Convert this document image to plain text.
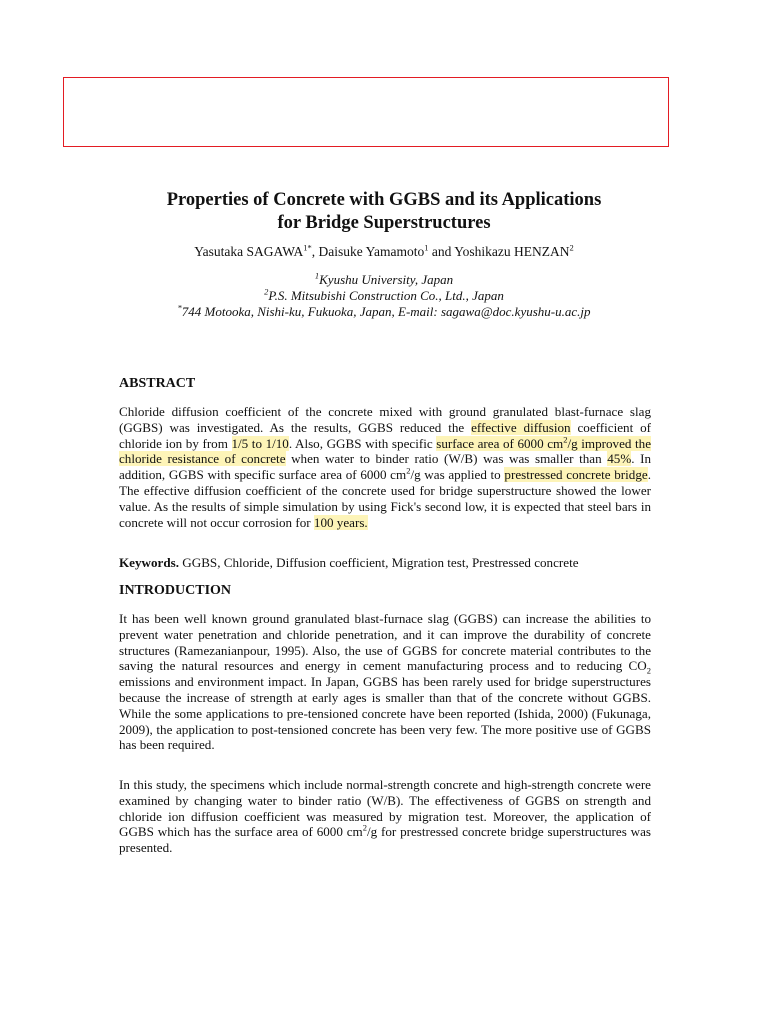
Properties of Concrete with GGBS and its Applications
for Bridge Superstructures
Yasutaka $SAGAWA^{1*}$, Daisuke Yamamoto$^1$ and Yoshikazu HENZAN$^2$
$^1$Kyushu University, Japan
$^2$P.S. Mitsubishi Construction Co., Ltd., Japan
*744 Motooka, Nishi-ku, Fukuoka, Japan, E-mail: sagawa@doc.kyushu-u.ac.jp
ABSTRACT

Chloride diffusion coefficient of the concrete mixed with ground granulated blast-furnace slag (GGBS) was investigated. As the results, GGBS reduced the effective diffusion coefficient of chloride ion by from 1/5 to 1/10. Also, GGBS with specific surface area of 6000 $cm^2/g$ improved the chloride resistance of concrete when water to binder ratio (W/B) was was smaller than 45%. In addition, GGBS with specific surface area of 6000 $cm^2/g$ was applied to prestressed concrete bridge. The effective diffusion coefficient of the concrete used for bridge superstructure showed the lower value. As the results of simple simulation by using Fick's second low, it is expected that steel bars in concrete will not occur corrosion for 100 years.

Keywords. GGBS, Chloride, Diffusion coefficient, Migration test, Prestressed concrete

INTRODUCTION

It has been well known ground granulated blast-furnace slag (GGBS) can increase the abilities to prevent water penetration and chloride penetration, and it can improve the durability of concrete structures (Ramezanianpour, 1995). Also, the use of GGBS for concrete material contributes to the saving the natural resources and energy in cement manufacturing process and to reducing $CO_2$ emissions and environment impact. In Japan, GGBS has been rarely used for bridge superstructures because the increase of strength at early ages is smaller than that of the concrete without GGBS. While the some applications to pre-tensioned concrete have been reported (Ishida, 2000) (Fukunaga, 2009), the application to post-tensioned concrete has been very few. The more positive use of GGBS has been required.

In this study, the specimens which include normal-strength concrete and high-strength concrete were examined by changing water to binder ratio (W/B). The effectiveness of GGBS on strength and chloride ion diffusion coefficient was measured by migration test. Moreover, the application of GGBS which has the surface area of 6000 $cm^2/g$ for prestressed concrete bridge superstructures was presented.
